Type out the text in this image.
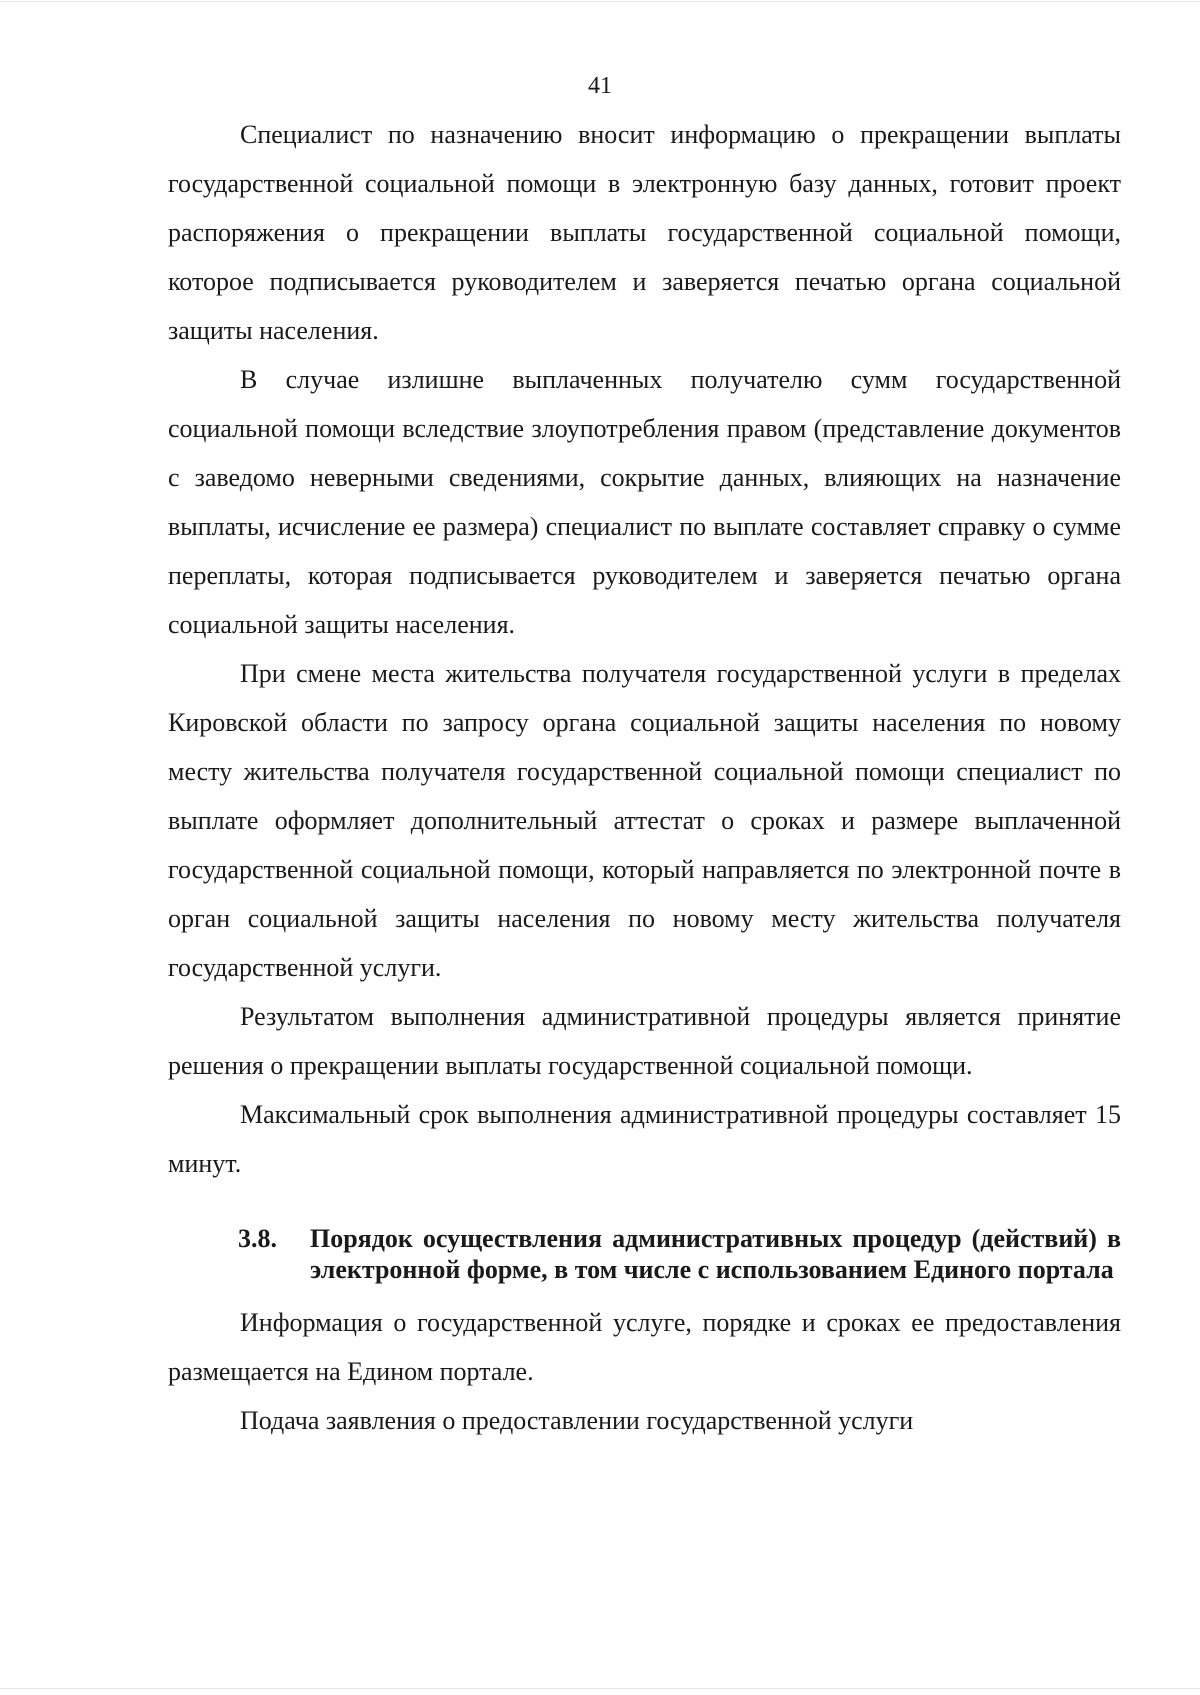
41

Специалист по назначению вносит информацию о прекращении выплаты государственной социальной помощи в электронную базу данных, готовит проект распоряжения о прекращении выплаты государственной социальной помощи, которое подписывается руководителем и заверяется печатью органа социальной защиты населения.

В случае излишне выплаченных получателю сумм государственной социальной помощи вследствие злоупотребления правом (представление документов с заведомо неверными сведениями, сокрытие данных, влияющих на назначение выплаты, исчисление ее размера) специалист по выплате составляет справку о сумме переплаты, которая подписывается руководителем и заверяется печатью органа социальной защиты населения.

При смене места жительства получателя государственной услуги в пределах Кировской области по запросу органа социальной защиты населения по новому месту жительства получателя государственной социальной помощи специалист по выплате оформляет дополнительный аттестат о сроках и размере выплаченной государственной социальной помощи, который направляется по электронной почте в орган социальной защиты населения по новому месту жительства получателя государственной услуги.

Результатом выполнения административной процедуры является принятие решения о прекращении выплаты государственной социальной помощи.

Максимальный срок выполнения административной процедуры составляет 15 минут.

3.8.	Порядок осуществления административных процедур (действий) в электронной форме, в том числе с использованием Единого портала

Информация о государственной услуге, порядке и сроках ее предоставления размещается на Едином портале.

Подача заявления о предоставлении государственной услуги
